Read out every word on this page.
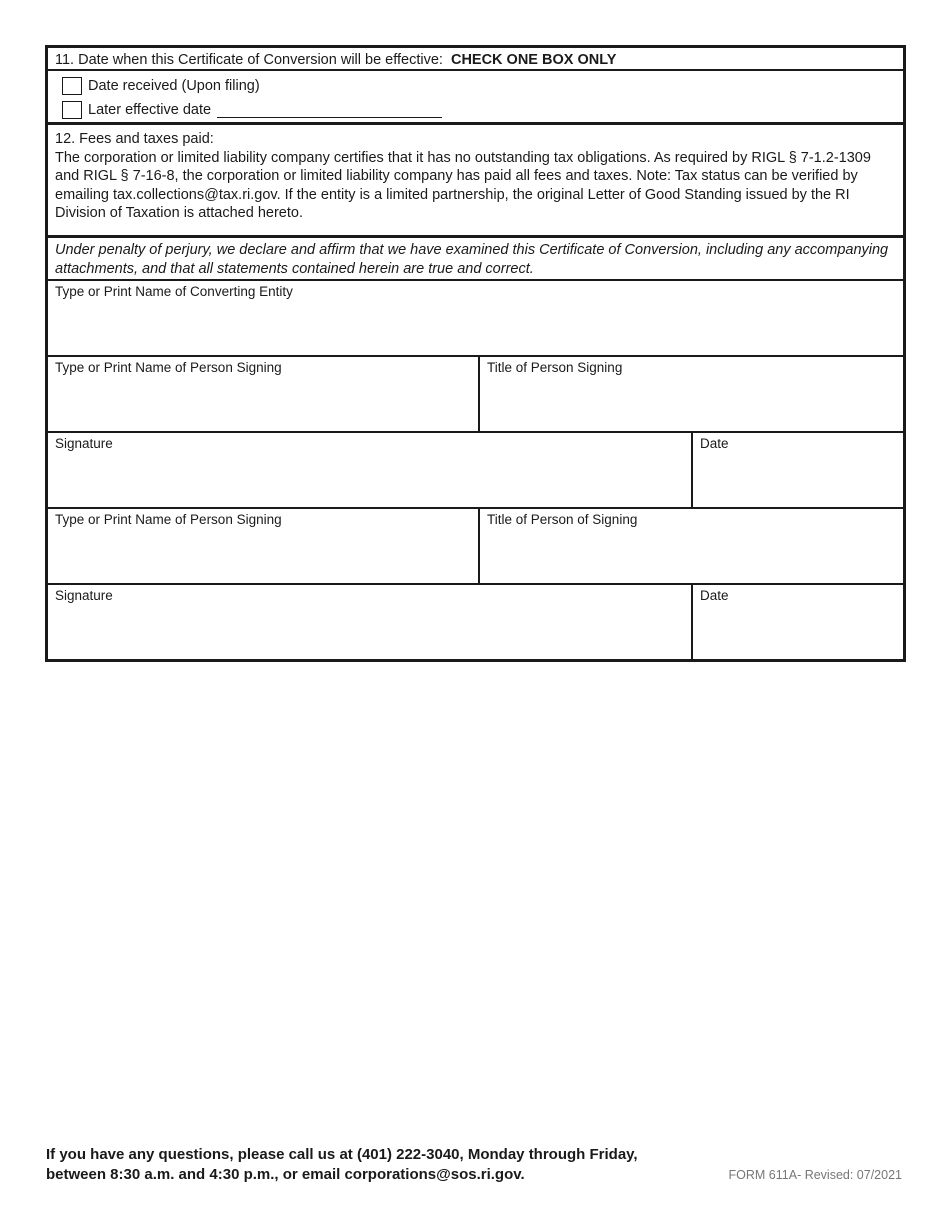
11. Date when this Certificate of Conversion will be effective: CHECK ONE BOX ONLY
Date received (Upon filing)
Later effective date
12. Fees and taxes paid:
The corporation or limited liability company certifies that it has no outstanding tax obligations. As required by RIGL § 7-1.2-1309 and RIGL § 7-16-8, the corporation or limited liability company has paid all fees and taxes. Note: Tax status can be verified by emailing tax.collections@tax.ri.gov. If the entity is a limited partnership, the original Letter of Good Standing issued by the RI Division of Taxation is attached hereto.
Under penalty of perjury, we declare and affirm that we have examined this Certificate of Conversion, including any accompanying attachments, and that all statements contained herein are true and correct.
Type or Print Name of Converting Entity
Type or Print Name of Person Signing	Title of Person Signing
Signature	Date
Type or Print Name of Person Signing	Title of Person of Signing
Signature	Date
If you have any questions, please call us at (401) 222-3040, Monday through Friday,
between 8:30 a.m. and 4:30 p.m., or email corporations@sos.ri.gov.	FORM 611A- Revised: 07/2021
